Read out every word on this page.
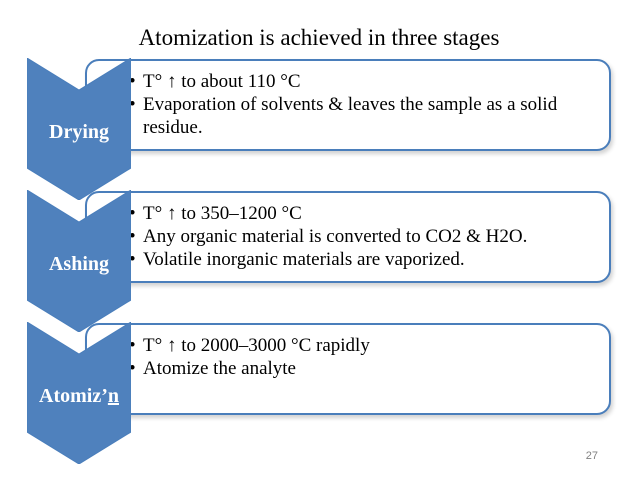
Atomization is achieved in three stages
• T° ↑ to about 110 °C
• Evaporation of solvents & leaves the sample as a solid residue.
Drying
• T° ↑ to 350–1200 °C
• Any organic material is converted to CO2 & H2O.
• Volatile inorganic materials are vaporized.
Ashing
• T° ↑ to 2000–3000 °C rapidly
• Atomize the analyte
Atomiz’n
27
